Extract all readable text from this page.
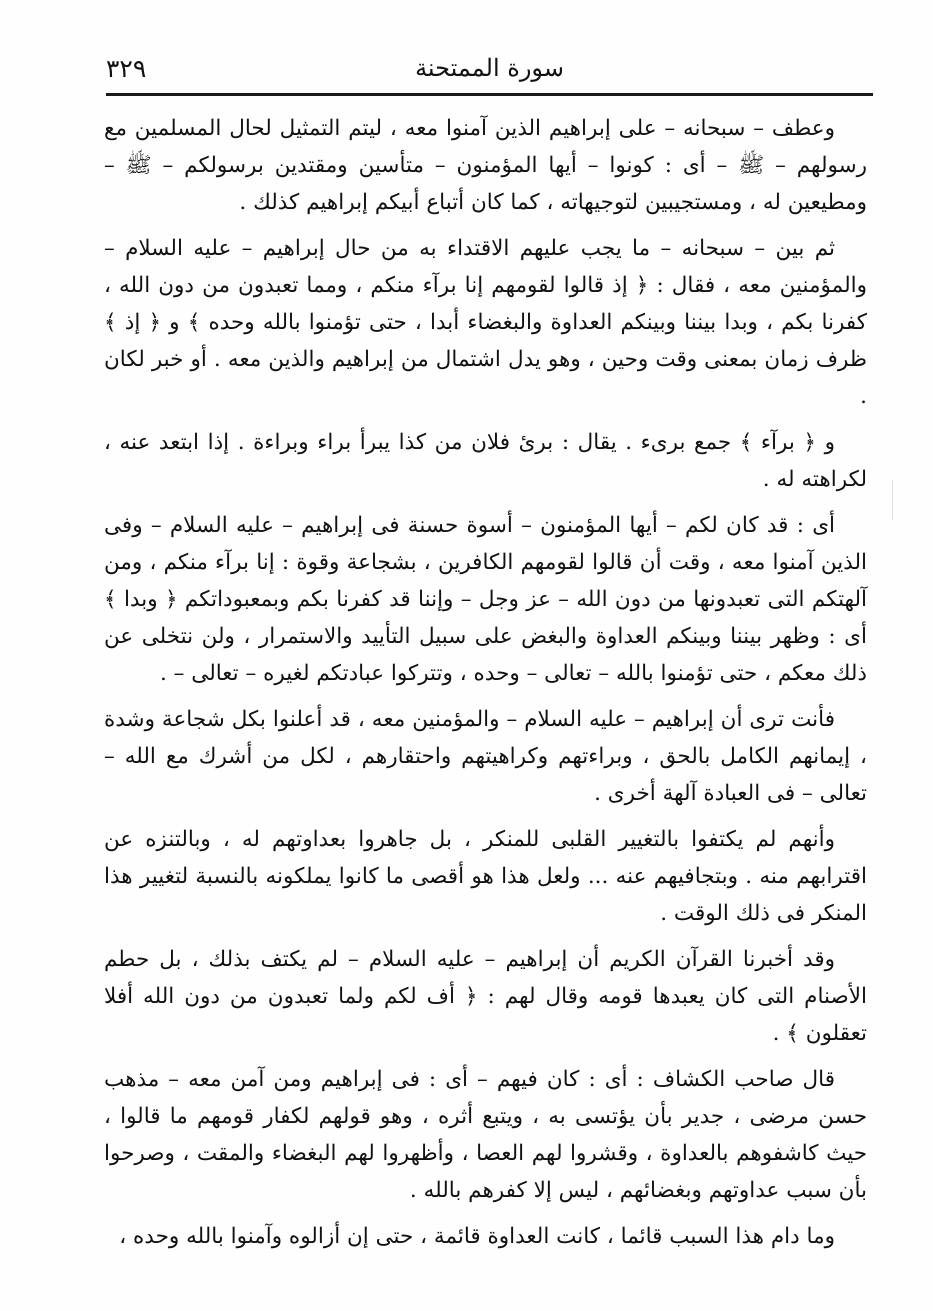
٣٢٩	سورة الممتحنة

وعطف – سبحانه – على إبراهيم الذين آمنوا معه ، ليتم التمثيل لحال المسلمين مع رسولهم – ﷺ – أى : كونوا – أيها المؤمنون – متأسين ومقتدين برسولكم – ﷺ – ومطيعين له ، ومستجيبين لتوجيهاته ، كما كان أتباع أبيكم إبراهيم كذلك .

ثم بين – سبحانه – ما يجب عليهم الاقتداء به من حال إبراهيم – عليه السلام – والمؤمنين معه ، فقال : ﴿ إذ قالوا لقومهم إنا برآء منكم ، ومما تعبدون من دون الله ، كفرنا بكم ، وبدا بيننا وبينكم العداوة والبغضاء أبدا ، حتى تؤمنوا بالله وحده ﴾ و ﴿ إذ ﴾ ظرف زمان بمعنى وقت وحين ، وهو يدل اشتمال من إبراهيم والذين معه . أو خبر لكان .

و ﴿ برآء ﴾ جمع برىء . يقال : برئ فلان من كذا يبرأ براء وبراءة . إذا ابتعد عنه ، لكراهته له .

أى : قد كان لكم – أيها المؤمنون – أسوة حسنة فى إبراهيم – عليه السلام – وفى الذين آمنوا معه ، وقت أن قالوا لقومهم الكافرين ، بشجاعة وقوة : إنا برآء منكم ، ومن آلهتكم التى تعبدونها من دون الله – عز وجل – وإننا قد كفرنا بكم وبمعبوداتكم ﴿ وبدا ﴾ أى : وظهر بيننا وبينكم العداوة والبغض على سبيل التأييد والاستمرار ، ولن نتخلى عن ذلك معكم ، حتى تؤمنوا بالله – تعالى – وحده ، وتتركوا عبادتكم لغيره – تعالى – .

فأنت ترى أن إبراهيم – عليه السلام – والمؤمنين معه ، قد أعلنوا بكل شجاعة وشدة ، إيمانهم الكامل بالحق ، وبراءتهم وكراهيتهم واحتقارهم ، لكل من أشرك مع الله – تعالى – فى العبادة آلهة أخرى .

وأنهم لم يكتفوا بالتغيير القلبى للمنكر ، بل جاهروا بعداوتهم له ، وبالتنزه عن اقترابهم منه . وبتجافيهم عنه ... ولعل هذا هو أقصى ما كانوا يملكونه بالنسبة لتغيير هذا المنكر فى ذلك الوقت .

وقد أخبرنا القرآن الكريم أن إبراهيم – عليه السلام – لم يكتف بذلك ، بل حطم الأصنام التى كان يعبدها قومه وقال لهم : ﴿ أف لكم ولما تعبدون من دون الله أفلا تعقلون ﴾ .

قال صاحب الكشاف : أى : كان فيهم – أى : فى إبراهيم ومن آمن معه – مذهب حسن مرضى ، جدير بأن يؤتسى به ، ويتبع أثره ، وهو قولهم لكفار قومهم ما قالوا ، حيث كاشفوهم بالعداوة ، وقشروا لهم العصا ، وأظهروا لهم البغضاء والمقت ، وصرحوا بأن سبب عداوتهم وبغضائهم ، ليس إلا كفرهم بالله .

وما دام هذا السبب قائما ، كانت العداوة قائمة ، حتى إن أزالوه وآمنوا بالله وحده ،
